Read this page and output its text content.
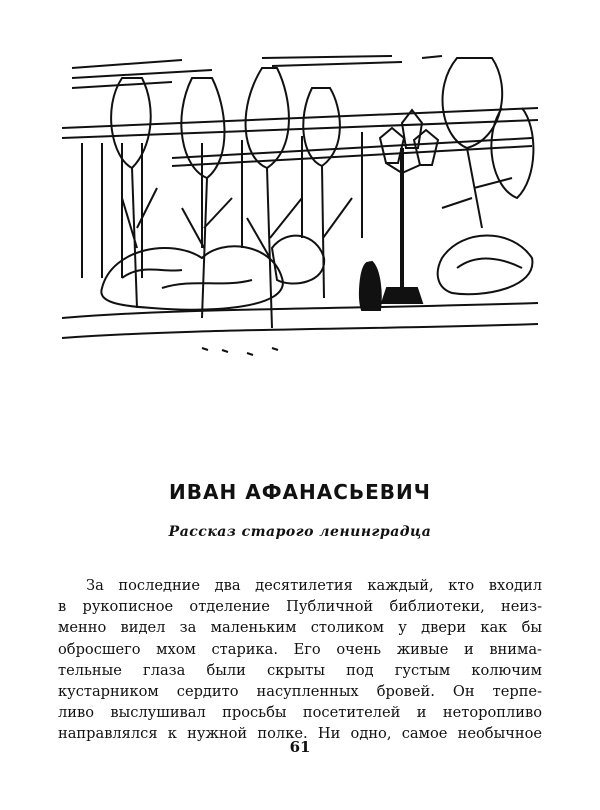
ИВАН АФАНАСЬЕВИЧ
Рассказ старого ленинградца
За последние два десятилетия каждый, кто входил
в рукописное отделение Публичной библиотеки, неиз-
менно видел за маленьким столиком у двери как бы
обросшего мхом старика. Его очень живые и внима-
тельные глаза были скрыты под густым колючим
кустарником сердито насупленных бровей. Он терпе-
ливо выслушивал просьбы посетителей и неторопливо
направлялся к нужной полке. Ни одно, самое необычное
61
